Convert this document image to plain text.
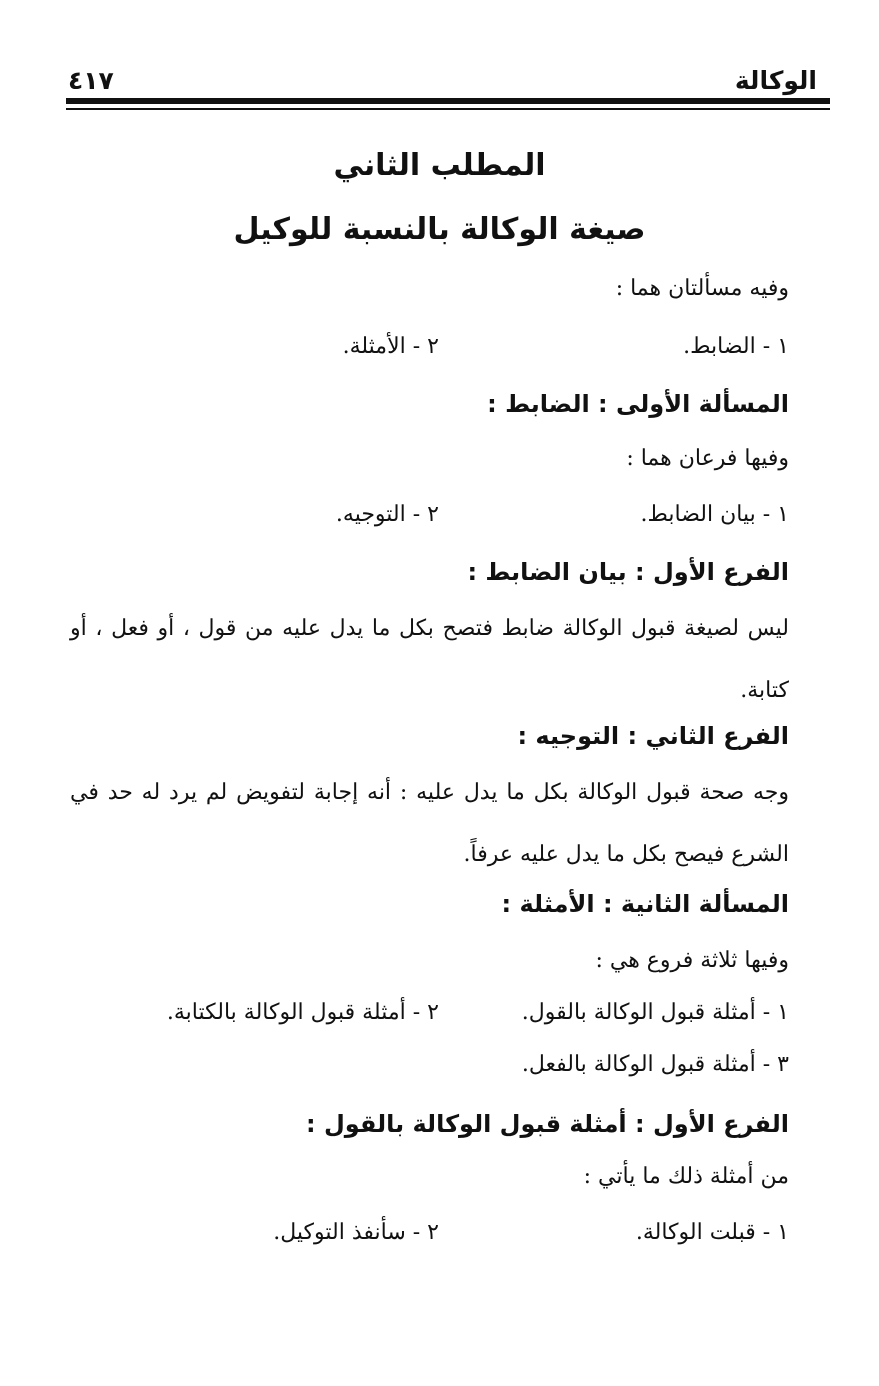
الوكالة
٤١٧
المطلب الثاني
صيغة الوكالة بالنسبة للوكيل
وفيه مسألتان هما :
١ - الضابط.
٢ - الأمثلة.
المسألة الأولى : الضابط :
وفيها فرعان هما :
١ - بيان الضابط.
٢ - التوجيه.
الفرع الأول : بيان الضابط :
ليس لصيغة قبول الوكالة ضابط فتصح بكل ما يدل عليه من قول ، أو فعل ، أو كتابة.
الفرع الثاني : التوجيه :
وجه صحة قبول الوكالة بكل ما يدل عليه : أنه إجابة لتفويض لم يرد له حد في الشرع فيصح بكل ما يدل عليه عرفاً.
المسألة الثانية : الأمثلة :
وفيها ثلاثة فروع هي :
١ - أمثلة قبول الوكالة بالقول.
٢ - أمثلة قبول الوكالة بالكتابة.
٣ - أمثلة قبول الوكالة بالفعل.
الفرع الأول : أمثلة قبول الوكالة بالقول :
من أمثلة ذلك ما يأتي :
١ - قبلت الوكالة.
٢ - سأنفذ التوكيل.
